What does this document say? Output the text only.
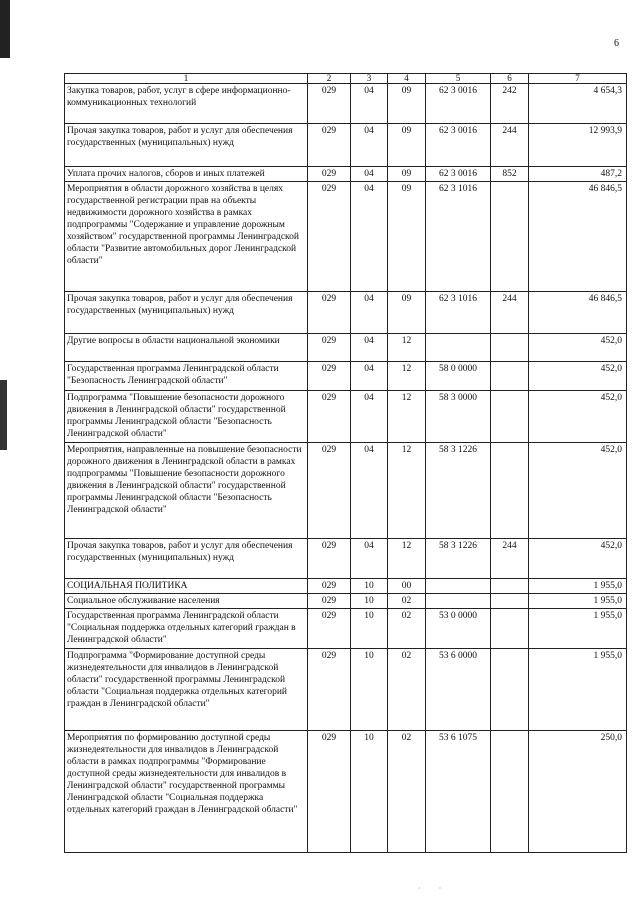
6
1	2	3	4	5	6	7
Закупка товаров, работ, услуг в сфере информационно-коммуникационных технологий	029	04	09	62 3 0016	242	4 654,3
Прочая закупка товаров, работ и услуг для обеспечения государственных (муниципальных) нужд	029	04	09	62 3 0016	244	12 993,9
Уплата прочих налогов, сборов и иных платежей	029	04	09	62 3 0016	852	487,2
Мероприятия в области дорожного хозяйства в целях государственной регистрации прав на объекты недвижимости дорожного хозяйства в рамках подпрограммы "Содержание и управление дорожным хозяйством" государственной программы Ленинградской области "Развитие автомобильных дорог Ленинградской области"	029	04	09	62 3 1016		46 846,5
Прочая закупка товаров, работ и услуг для обеспечения государственных (муниципальных) нужд	029	04	09	62 3 1016	244	46 846,5
Другие вопросы в области национальной экономики	029	04	12			452,0
Государственная программа Ленинградской области "Безопасность Ленинградской области"	029	04	12	58 0 0000		452,0
Подпрограмма "Повышение безопасности дорожного движения в Ленинградской области" государственной программы Ленинградской области "Безопасность Ленинградской области"	029	04	12	58 3 0000		452,0
Мероприятия, направленные на повышение безопасности дорожного движения в Ленинградской области в рамках подпрограммы "Повышение безопасности дорожного движения в Ленинградской области" государственной программы Ленинградской области "Безопасность Ленинградской области"	029	04	12	58 3 1226		452,0
Прочая закупка товаров, работ и услуг для обеспечения государственных (муниципальных) нужд	029	04	12	58 3 1226	244	452,0
СОЦИАЛЬНАЯ ПОЛИТИКА	029	10	00			1 955,0
Социальное обслуживание населения	029	10	02			1 955,0
Государственная программа Ленинградской области "Социальная поддержка отдельных категорий граждан в Ленинградской области"	029	10	02	53 0 0000		1 955,0
Подпрограмма "Формирование доступной среды жизнедеятельности для инвалидов в Ленинградской области" государственной программы Ленинградской области "Социальная поддержка отдельных категорий граждан в Ленинградской области"	029	10	02	53 6 0000		1 955,0
Мероприятия по формированию доступной среды жизнедеятельности для инвалидов в Ленинградской области в рамках подпрограммы "Формирование доступной среды жизнедеятельности для инвалидов в Ленинградской области" государственной программы Ленинградской области "Социальная поддержка отдельных категорий граждан в Ленинградской области"	029	10	02	53 6 1075		250,0
·         ·
